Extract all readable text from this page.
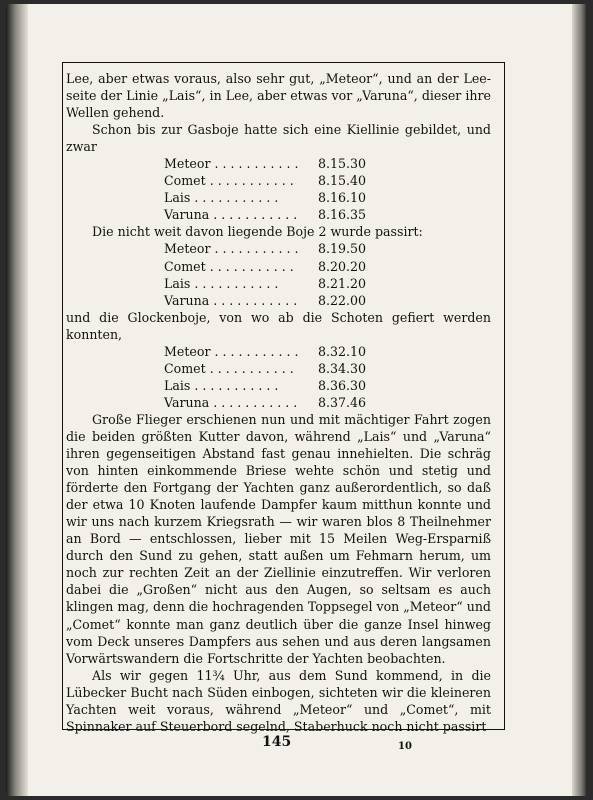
Lee, aber etwas voraus, also sehr gut, „Meteor“, und an der Lee-seite der Linie „Lais“, in Lee, aber etwas vor „Varuna“, dieser ihre Wellen gehend.

Schon bis zur Gasboje hatte sich eine Kiellinie gebildet, und zwar

Meteor ...........	8.15.30
Comet ...........	8.15.40
Lais ...........	8.16.10
Varuna ...........	8.16.35

Die nicht weit davon liegende Boje 2 wurde passirt:

Meteor ...........	8.19.50
Comet ...........	8.20.20
Lais ...........	8.21.20
Varuna ...........	8.22.00

und die Glockenboje, von wo ab die Schoten gefiert werden konnten,

Meteor ...........	8.32.10
Comet ...........	8.34.30
Lais ...........	8.36.30
Varuna ...........	8.37.46

Große Flieger erschienen nun und mit mächtiger Fahrt zogen die beiden größten Kutter davon, während „Lais“ und „Varuna“ ihren gegenseitigen Abstand fast genau innehielten. Die schräg von hinten einkommende Briese wehte schön und stetig und förderte den Fortgang der Yachten ganz außerordentlich, so daß der etwa 10 Knoten laufende Dampfer kaum mitthun konnte und wir uns nach kurzem Kriegsrath — wir waren blos 8 Theilnehmer an Bord — entschlossen, lieber mit 15 Meilen Weg-Ersparniß durch den Sund zu gehen, statt außen um Fehmarn herum, um noch zur rechten Zeit an der Ziellinie einzutreffen. Wir verloren dabei die „Großen“ nicht aus den Augen, so seltsam es auch klingen mag, denn die hochragenden Toppsegel von „Meteor“ und „Comet“ konnte man ganz deutlich über die ganze Insel hinweg vom Deck unseres Dampfers aus sehen und aus deren langsamen Vorwärtswandern die Fortschritte der Yachten beobachten.

Als wir gegen 11¾ Uhr, aus dem Sund kommend, in die Lübecker Bucht nach Süden einbogen, sichteten wir die kleineren Yachten weit voraus, während „Meteor“ und „Comet“, mit Spinnaker auf Steuerbord segelnd, Staberhuck noch nicht passirt

145	10
